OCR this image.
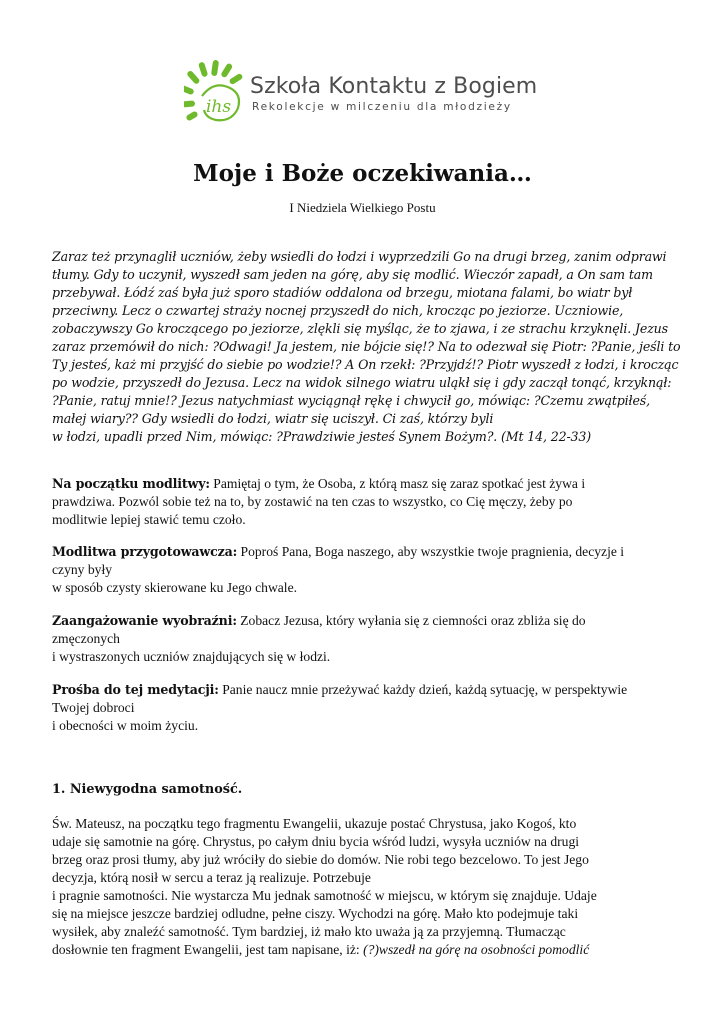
ihs
Szkoła Kontaktu z Bogiem
Rekolekcje w milczeniu dla młodzieży
Moje i Boże oczekiwania…
I Niedziela Wielkiego Postu
Zaraz też przynaglił uczniów, żeby wsiedli do łodzi i wyprzedzili Go na drugi brzeg, zanim odprawi
tłumy. Gdy to uczynił, wyszedł sam jeden na górę, aby się modlić. Wieczór zapadł, a On sam tam
przebywał. Łódź zaś była już sporo stadiów oddalona od brzegu, miotana falami, bo wiatr był
przeciwny. Lecz o czwartej straży nocnej przyszedł do nich, krocząc po jeziorze. Uczniowie,
zobaczywszy Go kroczącego po jeziorze, zlękli się myśląc, że to zjawa, i ze strachu krzyknęli. Jezus
zaraz przemówił do nich: ?Odwagi! Ja jestem, nie bójcie się!? Na to odezwał się Piotr: ?Panie, jeśli to
Ty jesteś, każ mi przyjść do siebie po wodzie!? A On rzekł: ?Przyjdź!? Piotr wyszedł z łodzi, i krocząc
po wodzie, przyszedł do Jezusa. Lecz na widok silnego wiatru uląkł się i gdy zaczął tonąć, krzyknął:
?Panie, ratuj mnie!? Jezus natychmiast wyciągnął rękę i chwycił go, mówiąc: ?Czemu zwątpiłeś,
małej wiary?? Gdy wsiedli do łodzi, wiatr się uciszył. Ci zaś, którzy byli
w łodzi, upadli przed Nim, mówiąc: ?Prawdziwie jesteś Synem Bożym?. (Mt 14, 22-33)
Na początku modlitwy: Pamiętaj o tym, że Osoba, z którą masz się zaraz spotkać jest żywa i
prawdziwa. Pozwól sobie też na to, by zostawić na ten czas to wszystko, co Cię męczy, żeby po
modlitwie lepiej stawić temu czoło.
Modlitwa przygotowawcza: Poproś Pana, Boga naszego, aby wszystkie twoje pragnienia, decyzje i
czyny były
w sposób czysty skierowane ku Jego chwale.
Zaangażowanie wyobraźni: Zobacz Jezusa, który wyłania się z ciemności oraz zbliża się do
zmęczonych
i wystraszonych uczniów znajdujących się w łodzi.
Prośba do tej medytacji: Panie naucz mnie przeżywać każdy dzień, każdą sytuację, w perspektywie
Twojej dobroci
i obecności w moim życiu.
1. Niewygodna samotność.
Św. Mateusz, na początku tego fragmentu Ewangelii, ukazuje postać Chrystusa, jako Kogoś, kto
udaje się samotnie na górę. Chrystus, po całym dniu bycia wśród ludzi, wysyła uczniów na drugi
brzeg oraz prosi tłumy, aby już wróciły do siebie do domów. Nie robi tego bezcelowo. To jest Jego
decyzja, którą nosił w sercu a teraz ją realizuje. Potrzebuje
i pragnie samotności. Nie wystarcza Mu jednak samotność w miejscu, w którym się znajduje. Udaje
się na miejsce jeszcze bardziej odludne, pełne ciszy. Wychodzi na górę. Mało kto podejmuje taki
wysiłek, aby znaleźć samotność. Tym bardziej, iż mało kto uważa ją za przyjemną. Tłumacząc
dosłownie ten fragment Ewangelii, jest tam napisane, iż: (?)wszedł na górę na osobności pomodlić
